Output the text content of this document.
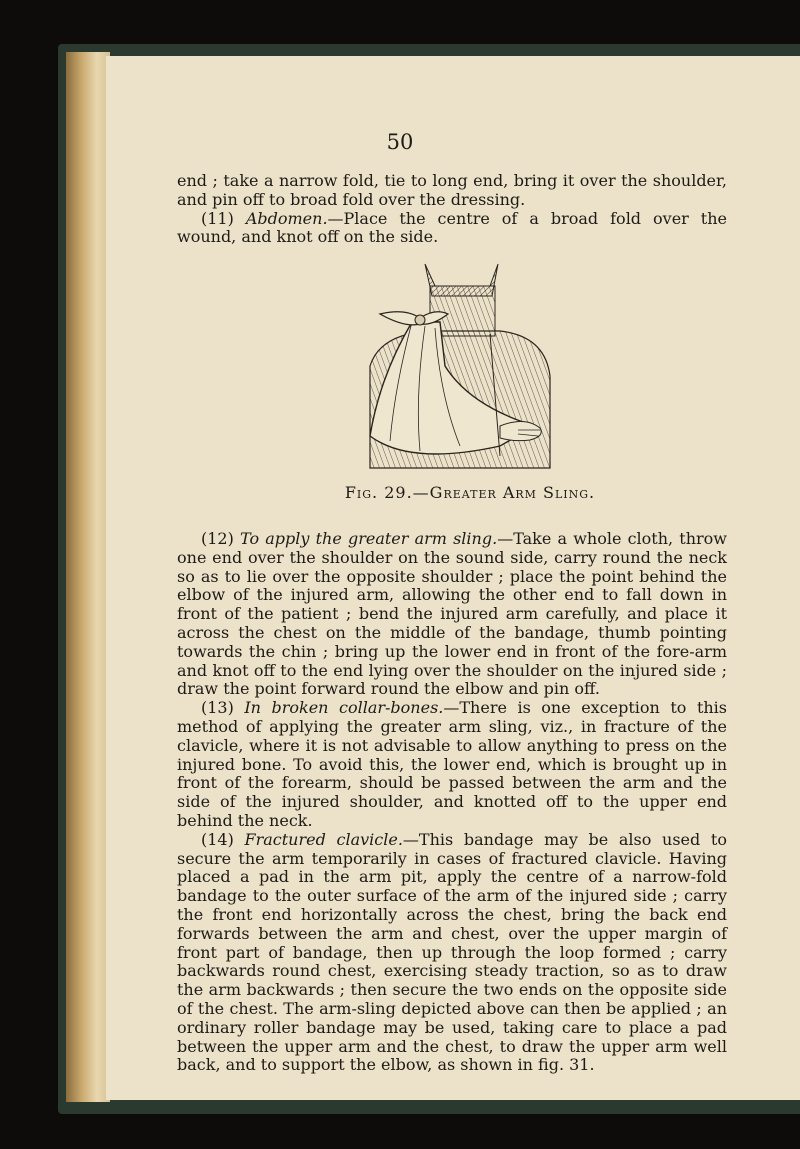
50

end ; take a narrow fold, tie to long end, bring it over the shoulder, and pin off to broad fold over the dressing.

(11) Abdomen.—Place the centre of a broad fold over the wound, and knot off on the side.

Fig. 29.—Greater Arm Sling.

(12) To apply the greater arm sling.—Take a whole cloth, throw one end over the shoulder on the sound side, carry round the neck so as to lie over the opposite shoulder ; place the point behind the elbow of the injured arm, allowing the other end to fall down in front of the patient ; bend the injured arm carefully, and place it across the chest on the middle of the bandage, thumb pointing towards the chin ; bring up the lower end in front of the fore-arm and knot off to the end lying over the shoulder on the injured side ; draw the point forward round the elbow and pin off.

(13) In broken collar-bones.—There is one exception to this method of applying the greater arm sling, viz., in fracture of the clavicle, where it is not advisable to allow anything to press on the injured bone. To avoid this, the lower end, which is brought up in front of the forearm, should be passed between the arm and the side of the injured shoulder, and knotted off to the upper end behind the neck.

(14) Fractured clavicle.—This bandage may be also used to secure the arm temporarily in cases of fractured clavicle. Having placed a pad in the arm pit, apply the centre of a narrow-fold bandage to the outer surface of the arm of the injured side ; carry the front end horizontally across the chest, bring the back end forwards between the arm and chest, over the upper margin of front part of bandage, then up through the loop formed ; carry backwards round chest, exercising steady traction, so as to draw the arm backwards ; then secure the two ends on the opposite side of the chest. The arm-sling depicted above can then be applied ; an ordinary roller bandage may be used, taking care to place a pad between the upper arm and the chest, to draw the upper arm well back, and to support the elbow, as shown in fig. 31.
